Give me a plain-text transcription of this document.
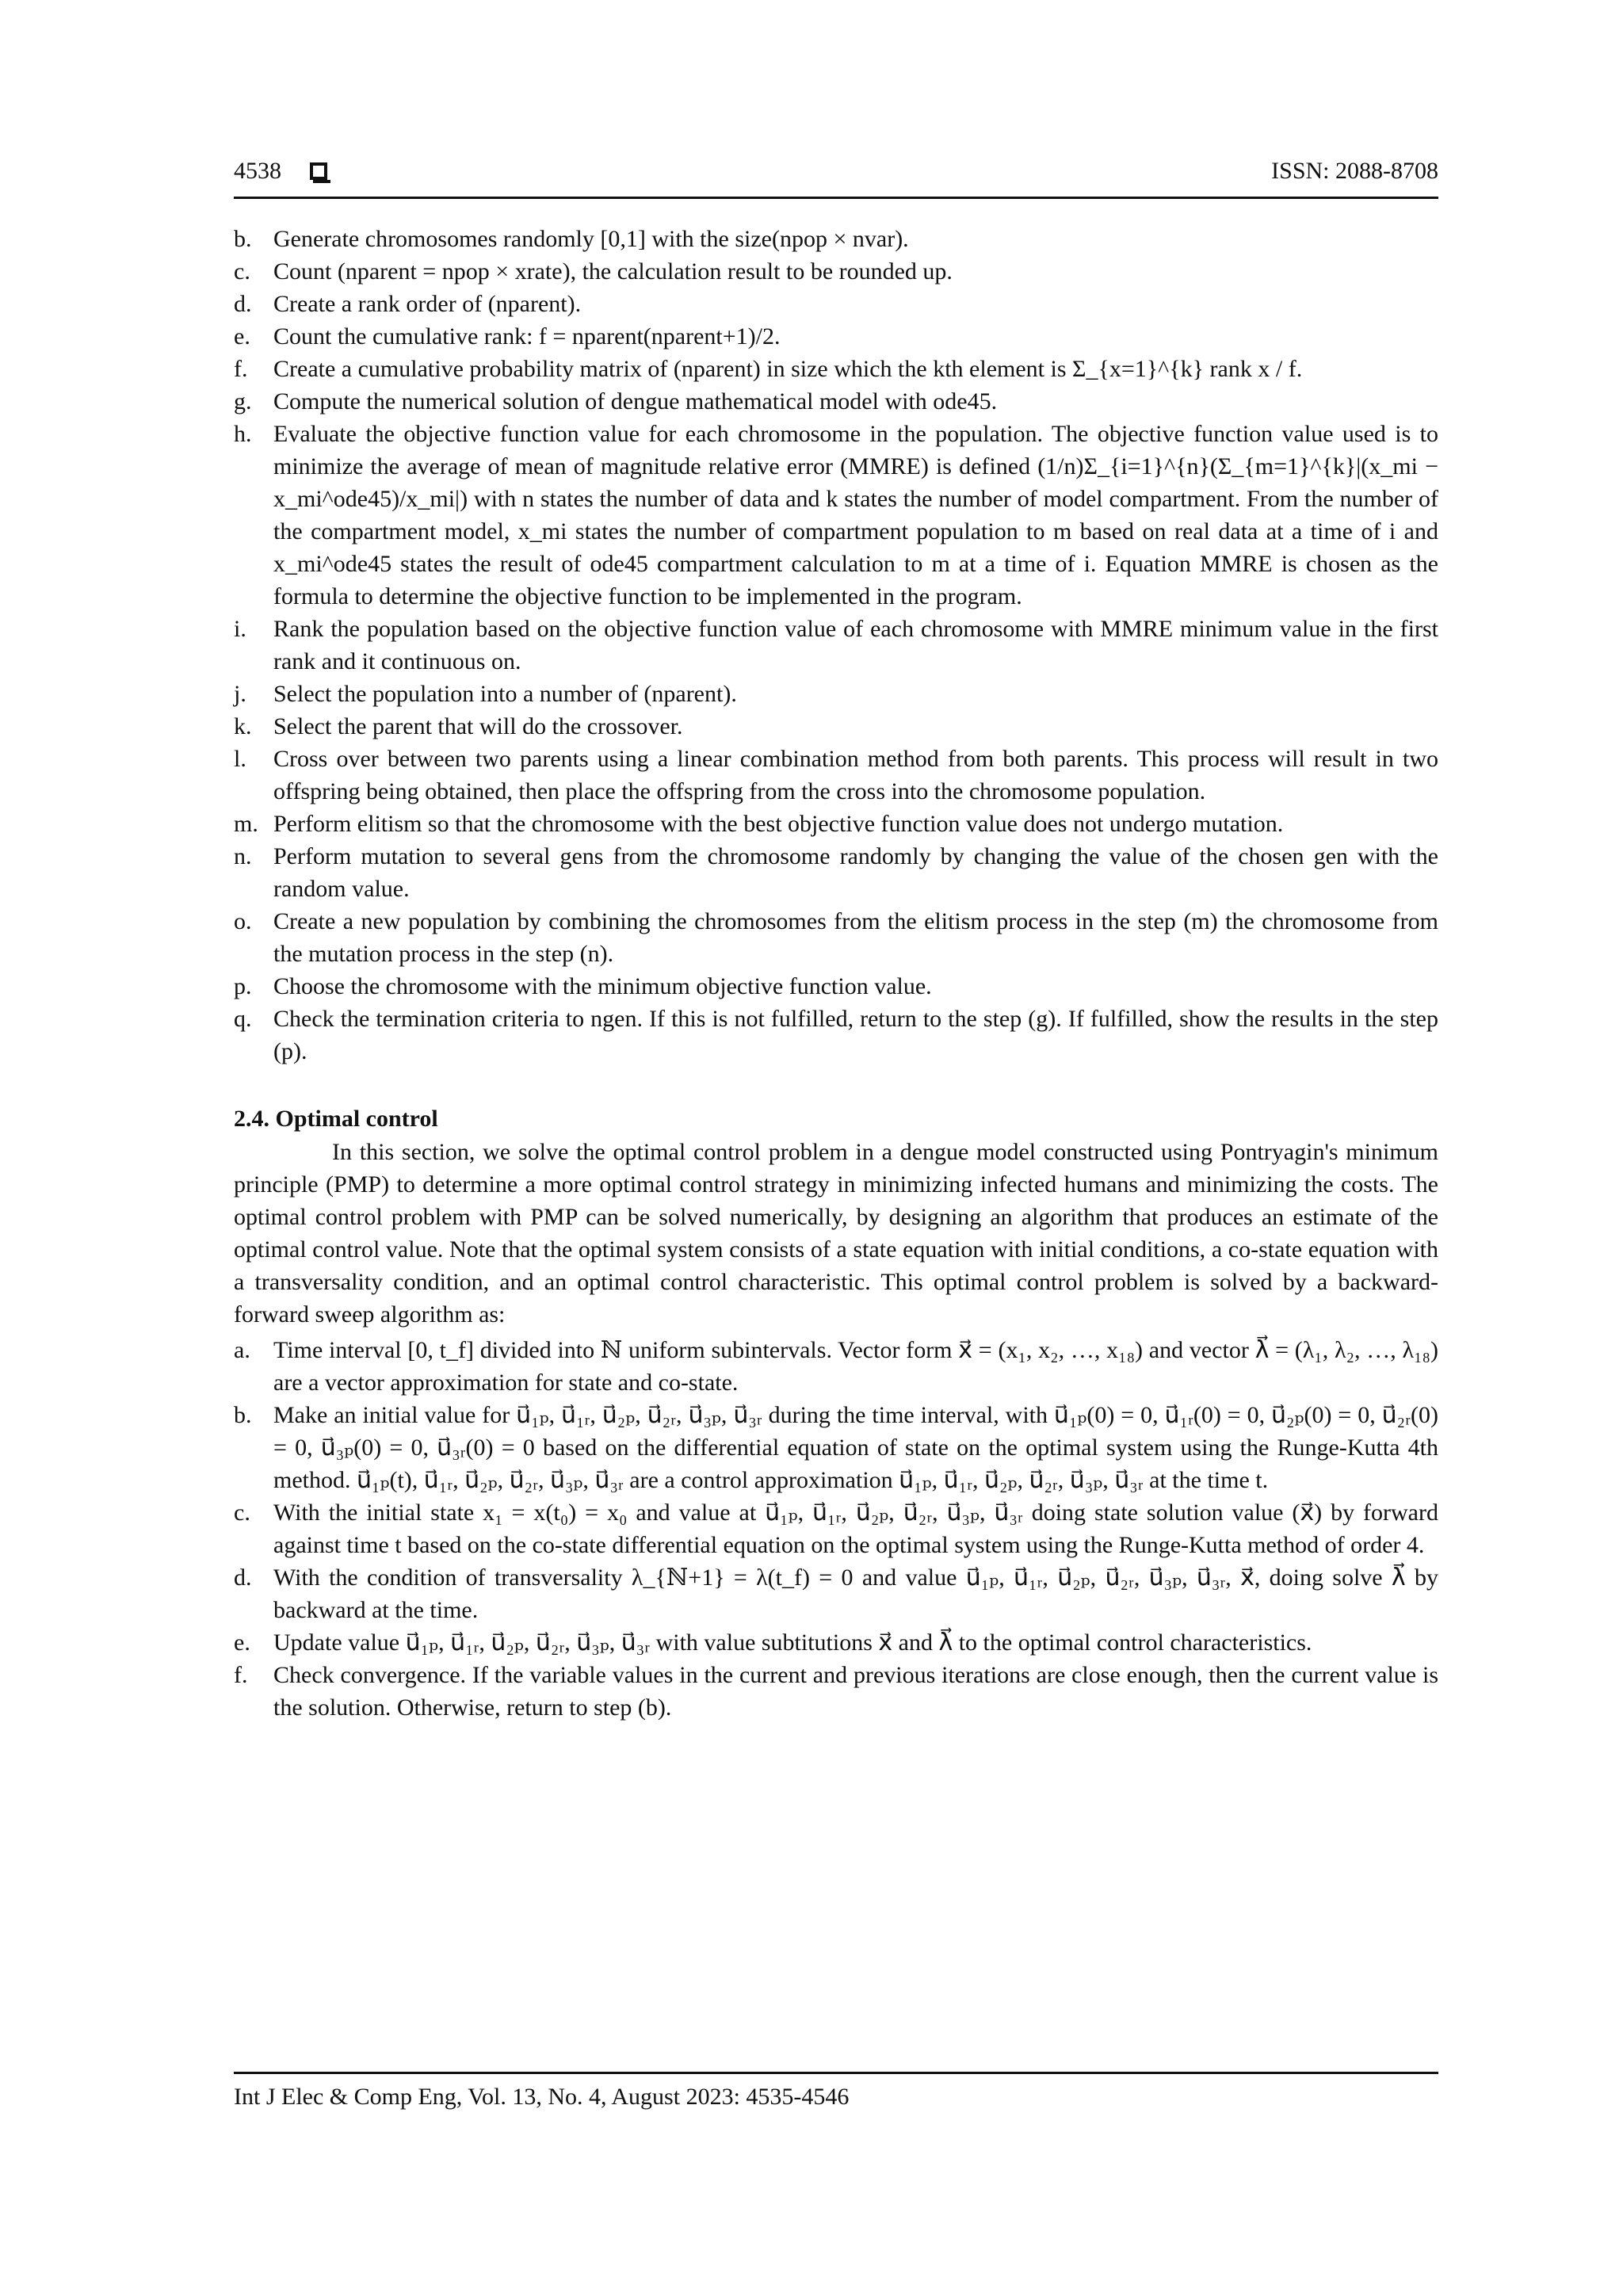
4538	ISSN: 2088-8708
b. Generate chromosomes randomly [0,1] with the size(npop × nvar).
c. Count (nparent = npop × xrate), the calculation result to be rounded up.
d. Create a rank order of (nparent).
e. Count the cumulative rank: f = nparent(nparent+1)/2.
f.	Create a cumulative probability matrix of (nparent) in size which the kth element is Σ_{x=1}^{k} rank x / f.
g. Compute the numerical solution of dengue mathematical model with ode45.
h. Evaluate the objective function value for each chromosome in the population. The objective function value used is to minimize the average of mean of magnitude relative error (MMRE) is defined (1/n)Σ_{i=1}^{n}(Σ_{m=1}^{k}|(x_mi − x_mi^ode45)/x_mi|) with n states the number of data and k states the number of model compartment. From the number of the compartment model, x_mi states the number of compartment population to m based on real data at a time of i and x_mi^ode45 states the result of ode45 compartment calculation to m at a time of i. Equation MMRE is chosen as the formula to determine the objective function to be implemented in the program.
i.	Rank the population based on the objective function value of each chromosome with MMRE minimum value in the first rank and it continuous on.
j.	Select the population into a number of (nparent).
k. Select the parent that will do the crossover.
l.	Cross over between two parents using a linear combination method from both parents. This process will result in two offspring being obtained, then place the offspring from the cross into the chromosome population.
m. Perform elitism so that the chromosome with the best objective function value does not undergo mutation.
n. Perform mutation to several gens from the chromosome randomly by changing the value of the chosen gen with the random value.
o. Create a new population by combining the chromosomes from the elitism process in the step (m) the chromosome from the mutation process in the step (n).
p. Choose the chromosome with the minimum objective function value.
q. Check the termination criteria to ngen. If this is not fulfilled, return to the step (g). If fulfilled, show the results in the step (p).
2.4. Optimal control

In this section, we solve the optimal control problem in a dengue model constructed using Pontryagin's minimum principle (PMP) to determine a more optimal control strategy in minimizing infected humans and minimizing the costs. The optimal control problem with PMP can be solved numerically, by designing an algorithm that produces an estimate of the optimal control value. Note that the optimal system consists of a state equation with initial conditions, a co-state equation with a transversality condition, and an optimal control characteristic. This optimal control problem is solved by a backward-forward sweep algorithm as:

a. Time interval [0, t_f] divided into ℕ uniform subintervals. Vector form x⃗ = (x₁, x₂, …, x₁₈) and vector λ⃗ = (λ₁, λ₂, …, λ₁₈) are a vector approximation for state and co-state.
b. Make an initial value for u⃗₁ₚ, u⃗₁ᵣ, u⃗₂ₚ, u⃗₂ᵣ, u⃗₃ₚ, u⃗₃ᵣ during the time interval, with u⃗₁ₚ(0) = 0, u⃗₁ᵣ(0) = 0, u⃗₂ₚ(0) = 0, u⃗₂ᵣ(0) = 0, u⃗₃ₚ(0) = 0, u⃗₃ᵣ(0) = 0 based on the differential equation of state on the optimal system using the Runge-Kutta 4th method. u⃗₁ₚ(t), u⃗₁ᵣ, u⃗₂ₚ, u⃗₂ᵣ, u⃗₃ₚ, u⃗₃ᵣ are a control approximation u⃗₁ₚ, u⃗₁ᵣ, u⃗₂ₚ, u⃗₂ᵣ, u⃗₃ₚ, u⃗₃ᵣ at the time t.
c. With the initial state x₁ = x(t₀) = x₀ and value at u⃗₁ₚ, u⃗₁ᵣ, u⃗₂ₚ, u⃗₂ᵣ, u⃗₃ₚ, u⃗₃ᵣ doing state solution value (x⃗) by forward against time t based on the co-state differential equation on the optimal system using the Runge-Kutta method of order 4.
d. With the condition of transversality λ_{ℕ+1} = λ(t_f) = 0 and value u⃗₁ₚ, u⃗₁ᵣ, u⃗₂ₚ, u⃗₂ᵣ, u⃗₃ₚ, u⃗₃ᵣ, x⃗, doing solve λ⃗ by backward at the time.
e. Update value u⃗₁ₚ, u⃗₁ᵣ, u⃗₂ₚ, u⃗₂ᵣ, u⃗₃ₚ, u⃗₃ᵣ with value subtitutions x⃗ and λ⃗ to the optimal control characteristics.
f.	Check convergence. If the variable values in the current and previous iterations are close enough, then the current value is the solution. Otherwise, return to step (b).
Int J Elec & Comp Eng, Vol. 13, No. 4, August 2023: 4535-4546
